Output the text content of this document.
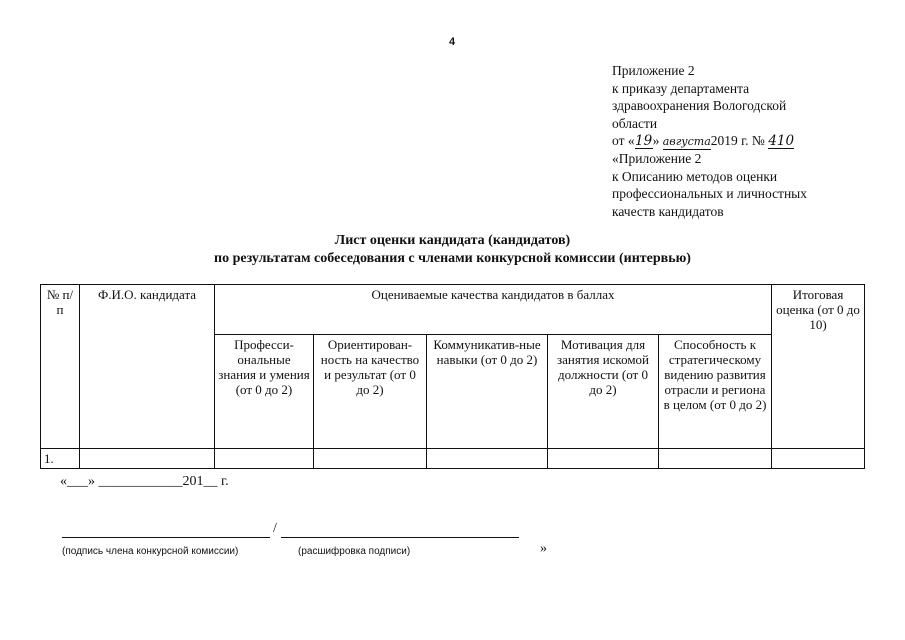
4
Приложение 2
к приказу департамента
здравоохранения Вологодской
области
от «19» августа2019 г. № 410
«Приложение 2
к Описанию методов оценки
профессиональных и личностных
качеств кандидатов
Лист оценки кандидата (кандидатов)
по результатам собеседования с членами конкурсной комиссии (интервью)
№ п/п	Ф.И.О. кандидата	Оцениваемые качества кандидатов в баллах					Итоговая оценка (от 0 до 10)
		Професси-ональные знания и умения (от 0 до 2)	Ориентирован-ность на качество и результат (от 0 до 2)	Коммуникатив-ные навыки (от 0 до 2)	Мотивация для занятия искомой должности (от 0 до 2)	Способность к стратегическому видению развития отрасли и региона в целом (от 0 до 2)	
1.							
«___» ____________201__ г.
/
(подпись члена конкурсной комиссии)	(расшифровка подписи)	»
